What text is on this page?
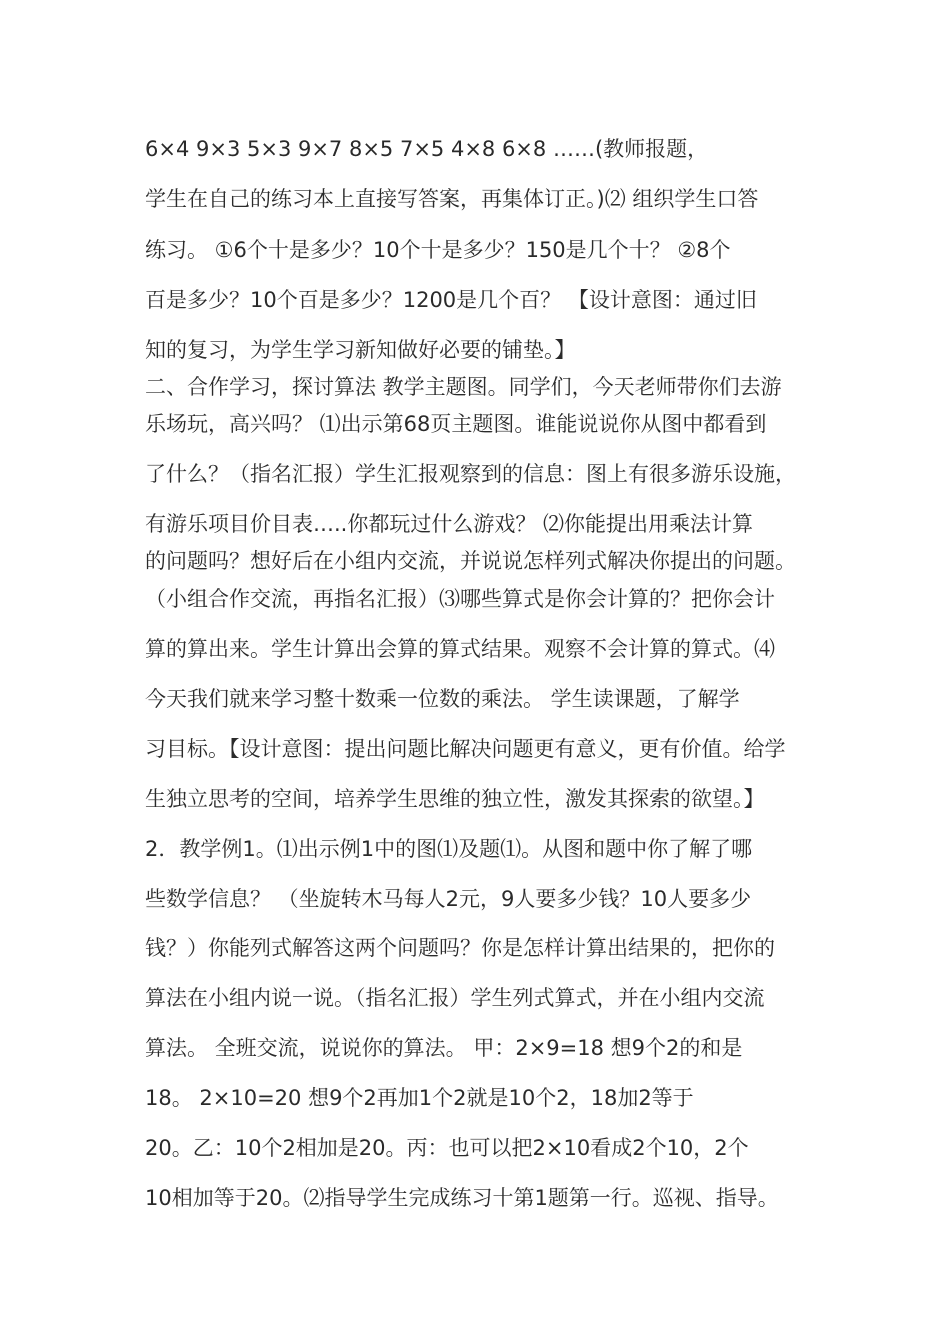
6×4 9×3 5×3 9×7 8×5 7×5 4×8 6×8 ……(教师报题，
学生在自己的练习本上直接写答案，再集体订正。)⑵ 组织学生口答
练习。 ①6个十是多少？10个十是多少？150是几个十？ ②8个
百是多少？10个百是多少？1200是几个百？ 【设计意图：通过旧
知的复习，为学生学习新知做好必要的铺垫。】
二、合作学习，探讨算法 教学主题图。同学们，今天老师带你们去游
乐场玩，高兴吗？ ⑴出示第68页主题图。谁能说说你从图中都看到
了什么？（指名汇报）学生汇报观察到的信息：图上有很多游乐设施，
有游乐项目价目表…..你都玩过什么游戏？ ⑵你能提出用乘法计算
的问题吗？想好后在小组内交流，并说说怎样列式解决你提出的问题。
（小组合作交流，再指名汇报）⑶哪些算式是你会计算的？把你会计
算的算出来。学生计算出会算的算式结果。观察不会计算的算式。⑷
今天我们就来学习整十数乘一位数的乘法。 学生读课题，了解学
习目标。【设计意图：提出问题比解决问题更有意义，更有价值。给学
生独立思考的空间，培养学生思维的独立性，激发其探索的欲望。】
2．教学例1。⑴出示例1中的图⑴及题⑴。从图和题中你了解了哪
些数学信息？ （坐旋转木马每人2元，9人要多少钱？10人要多少
钱？）你能列式解答这两个问题吗？你是怎样计算出结果的，把你的
算法在小组内说一说。（指名汇报）学生列式算式，并在小组内交流
算法。 全班交流，说说你的算法。 甲：2×9=18 想9个2的和是
18。 2×10=20 想9个2再加1个2就是10个2，18加2等于
20。乙：10个2相加是20。丙：也可以把2×10看成2个10，2个
10相加等于20。⑵指导学生完成练习十第1题第一行。巡视、指导。
